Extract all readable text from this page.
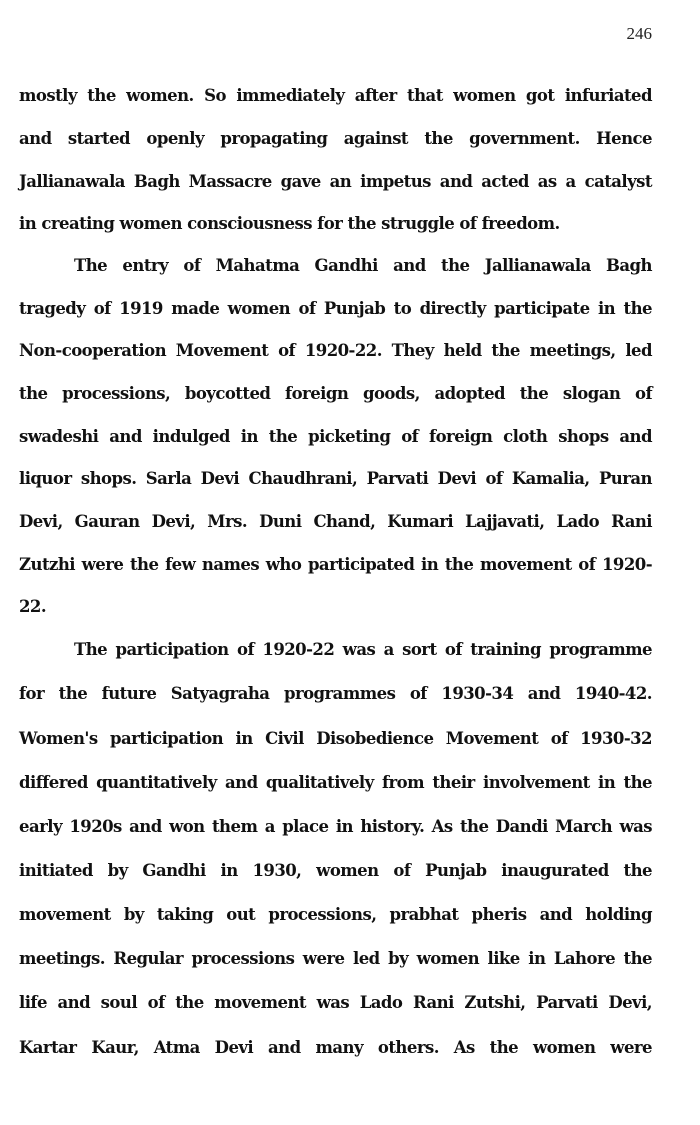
246
mostly the women. So immediately after that women got infuriated
and started openly propagating against the government. Hence
Jallianawala Bagh Massacre gave an impetus and acted as a catalyst
in creating women consciousness for the struggle of freedom.
The entry of Mahatma Gandhi and the Jallianawala Bagh
tragedy of 1919 made women of Punjab to directly participate in the
Non-cooperation Movement of 1920-22. They held the meetings, led
the processions, boycotted foreign goods, adopted the slogan of
swadeshi and indulged in the picketing of foreign cloth shops and
liquor shops. Sarla Devi Chaudhrani, Parvati Devi of Kamalia, Puran
Devi, Gauran Devi, Mrs. Duni Chand, Kumari Lajjavati, Lado Rani
Zutzhi were the few names who participated in the movement of 1920-
22.
The participation of 1920-22 was a sort of training programme
for the future Satyagraha programmes of 1930-34 and 1940-42.
Women's participation in Civil Disobedience Movement of 1930-32
differed quantitatively and qualitatively from their involvement in the
early 1920s and won them a place in history. As the Dandi March was
initiated by Gandhi in 1930, women of Punjab inaugurated the
movement by taking out processions, prabhat pheris and holding
meetings. Regular processions were led by women like in Lahore the
life and soul of the movement was Lado Rani Zutshi, Parvati Devi,
Kartar Kaur, Atma Devi and many others. As the women were
